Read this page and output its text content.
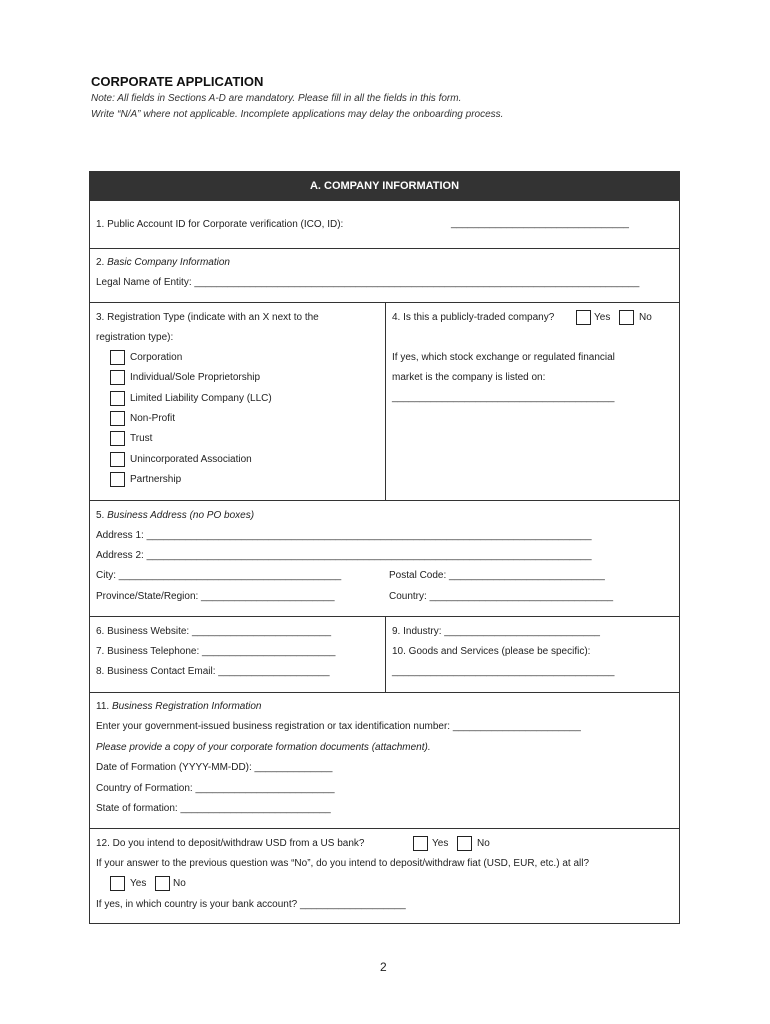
CORPORATE APPLICATION
Note: All fields in Sections A-D are mandatory. Please fill in all the fields in this form.
Write “N/A” where not applicable. Incomplete applications may delay the onboarding process.
A. COMPANY INFORMATION
1. Public Account ID for Corporate verification (ICO, ID):	________________________________
2. Basic Company Information
Legal Name of Entity: ________________________________________________________________________________
3. Registration Type (indicate with an X next to the
registration type):
Corporation
Individual/Sole Proprietorship
Limited Liability Company (LLC)
Non-Profit
Trust
Unincorporated Association
Partnership
4. Is this a publicly-traded company?	Yes	No
If yes, which stock exchange or regulated financial
market is the company is listed on:
________________________________________
5. Business Address (no PO boxes)
Address 1: ________________________________________________________________________________
Address 2: ________________________________________________________________________________
City: ________________________________________	Postal Code: ____________________________
Province/State/Region: ________________________	Country: _________________________________
6. Business Website: _________________________
7. Business Telephone: ________________________
8. Business Contact Email: ____________________
9. Industry: ____________________________
10. Goods and Services (please be specific):
________________________________________
11. Business Registration Information
Enter your government-issued business registration or tax identification number: _______________________
Please provide a copy of your corporate formation documents (attachment).
Date of Formation (YYYY-MM-DD): ______________
Country of Formation: _________________________
State of formation: ___________________________
12. Do you intend to deposit/withdraw USD from a US bank?	Yes	No
If your answer to the previous question was “No”, do you intend to deposit/withdraw fiat (USD, EUR, etc.) at all?
Yes	No
If yes, in which country is your bank account? ___________________
2
